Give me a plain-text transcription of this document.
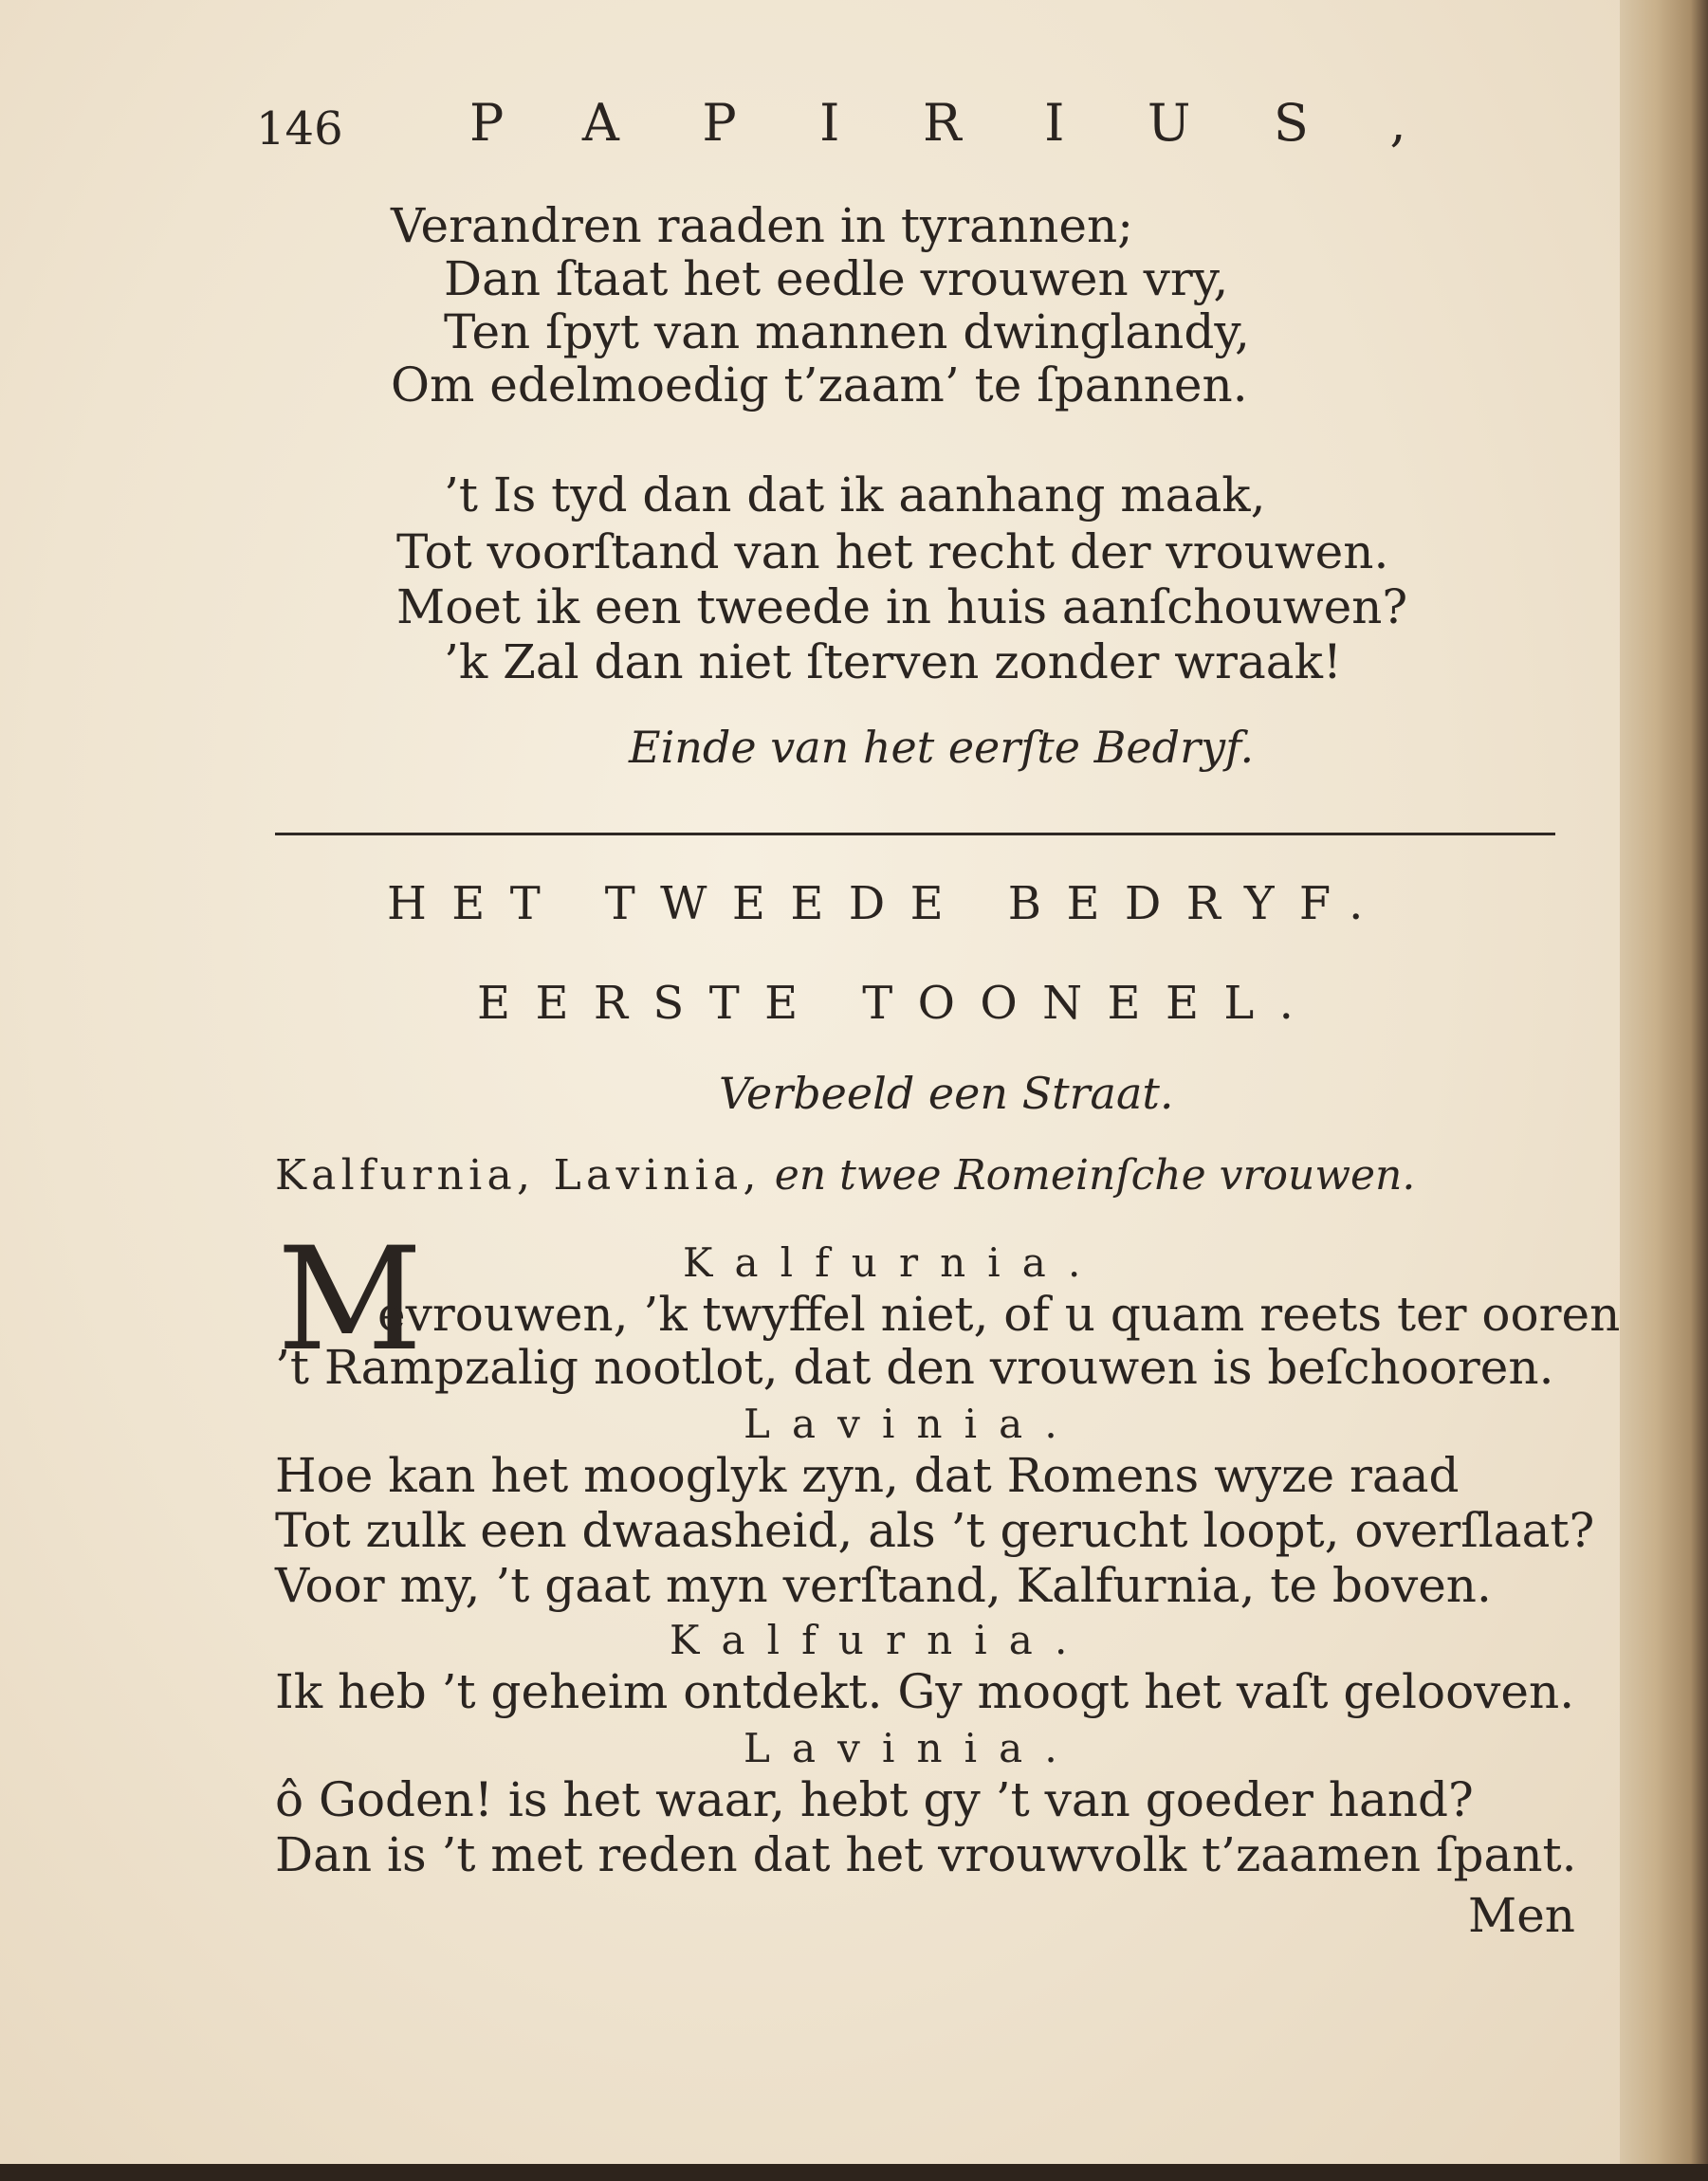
146 PAPIRIUS,
Verandren raaden in tyrannen;
Dan ſtaat het eedle vrouwen vry,
Ten ſpyt van mannen dwinglandy,
Om edelmoedig t’zaam’ te ſpannen.
’t Is tyd dan dat ik aanhang maak,
Tot voorſtand van het recht der vrouwen.
Moet ik een tweede in huis aanſchouwen?
’k Zal dan niet ſterven zonder wraak!
Einde van het eerſte Bedryf.
HET TWEEDE BEDRYF.
EERSTE TOONEEL.
Verbeeld een Straat.
Kalfurnia, Lavinia, en twee Romeinſche vrouwen.
Kalfurnia.
M
evrouwen, ’k twyffel niet, of u quam reets ter ooren
’t Rampzalig nootlot, dat den vrouwen is beſchooren.
Lavinia.
Hoe kan het mooglyk zyn, dat Romens wyze raad
Tot zulk een dwaasheid, als ’t gerucht loopt, overſlaat?
Voor my, ’t gaat myn verſtand, Kalfurnia, te boven.
Kalfurnia.
Ik heb ’t geheim ontdekt. Gy moogt het vaſt gelooven.
Lavinia.
ô Goden! is het waar, hebt gy ’t van goeder hand?
Dan is ’t met reden dat het vrouwvolk t’zaamen ſpant.
Men
